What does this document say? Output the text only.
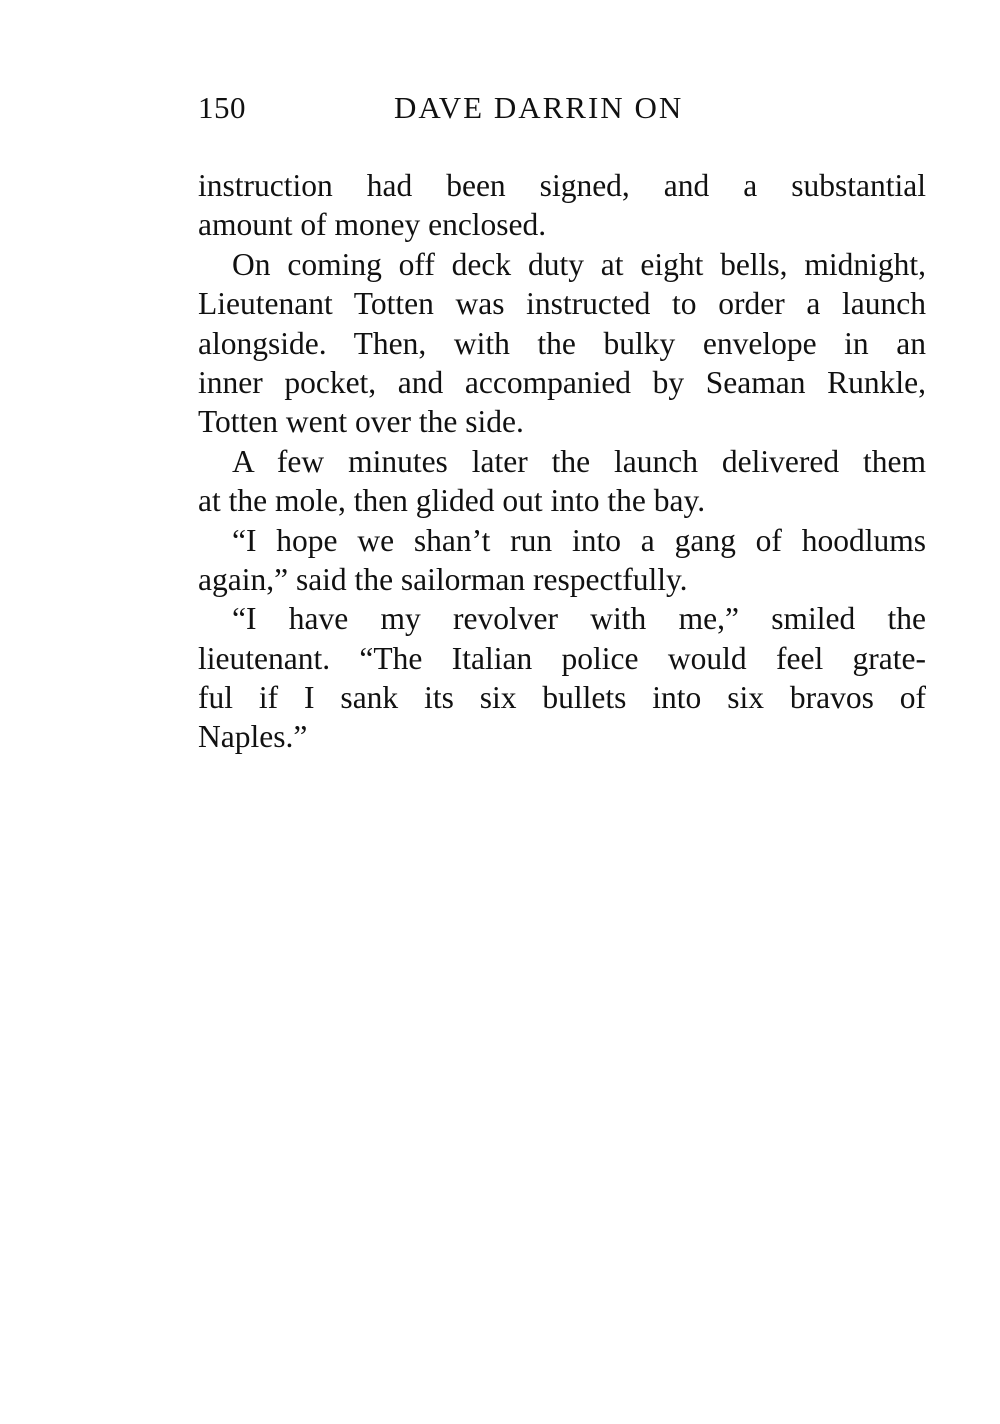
150	DAVE DARRIN ON
instruction had been signed, and a substantial
amount of money enclosed.
On coming off deck duty at eight bells, midnight,
Lieutenant Totten was instructed to order a launch
alongside. Then, with the bulky envelope in an
inner pocket, and accompanied by Seaman Runkle,
Totten went over the side.
A few minutes later the launch delivered them
at the mole, then glided out into the bay.
“I hope we shan’t run into a gang of hoodlums
again,” said the sailorman respectfully.
“I have my revolver with me,” smiled the
lieutenant. “The Italian police would feel grate-
ful if I sank its six bullets into six bravos of
Naples.”
